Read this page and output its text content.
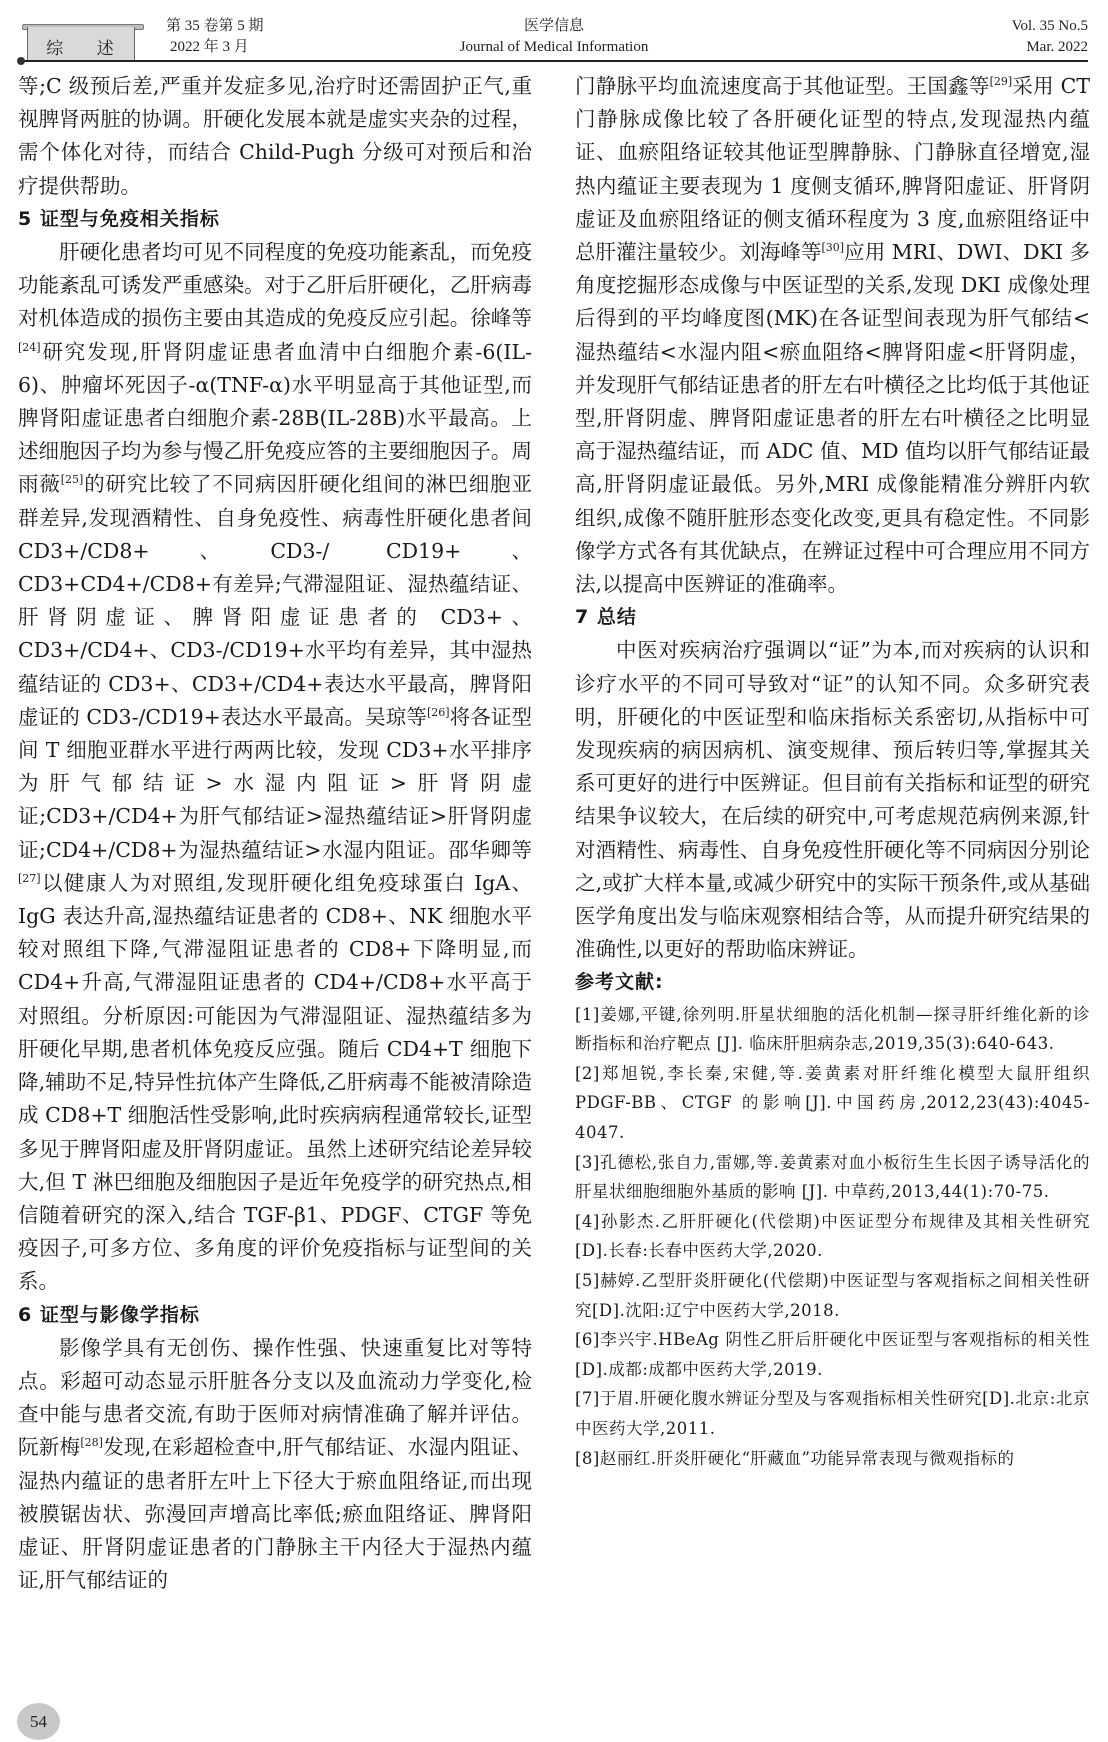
综 述
第 35 卷第 5 期
2022 年 3 月
医学信息
Journal of Medical Information
Vol. 35 No.5
Mar. 2022

等;C 级预后差,严重并发症多见,治疗时还需固护正气,重视脾肾两脏的协调。肝硬化发展本就是虚实夹杂的过程，需个体化对待，而结合 Child-Pugh 分级可对预后和治疗提供帮助。

5 证型与免疫相关指标

肝硬化患者均可见不同程度的免疫功能紊乱，而免疫功能紊乱可诱发严重感染。对于乙肝后肝硬化，乙肝病毒对机体造成的损伤主要由其造成的免疫反应引起。徐峰等[24]研究发现,肝肾阴虚证患者血清中白细胞介素-6(IL-6)、肿瘤坏死因子-α(TNF-α)水平明显高于其他证型,而脾肾阳虚证患者白细胞介素-28B(IL-28B)水平最高。上述细胞因子均为参与慢乙肝免疫应答的主要细胞因子。周雨薇[25]的研究比较了不同病因肝硬化组间的淋巴细胞亚群差异,发现酒精性、自身免疫性、病毒性肝硬化患者间 CD3+/CD8+、CD3-/ CD19+、CD3+CD4+/CD8+有差异;气滞湿阻证、湿热蕴结证、肝肾阴虚证、脾肾阳虚证患者的 CD3+、CD3+/CD4+、CD3-/CD19+水平均有差异，其中湿热蕴结证的 CD3+、CD3+/CD4+表达水平最高，脾肾阳虚证的 CD3-/CD19+表达水平最高。吴琼等[26]将各证型间 T 细胞亚群水平进行两两比较，发现 CD3+水平排序为肝气郁结证>水湿内阻证>肝肾阴虚证;CD3+/CD4+为肝气郁结证>湿热蕴结证>肝肾阴虚证;CD4+/CD8+为湿热蕴结证>水湿内阻证。邵华卿等[27]以健康人为对照组,发现肝硬化组免疫球蛋白 IgA、IgG 表达升高,湿热蕴结证患者的 CD8+、NK 细胞水平较对照组下降,气滞湿阻证患者的 CD8+下降明显,而 CD4+升高,气滞湿阻证患者的 CD4+/CD8+水平高于对照组。分析原因:可能因为气滞湿阻证、湿热蕴结多为肝硬化早期,患者机体免疫反应强。随后 CD4+T 细胞下降,辅助不足,特异性抗体产生降低,乙肝病毒不能被清除造成 CD8+T 细胞活性受影响,此时疾病病程通常较长,证型多见于脾肾阳虚及肝肾阴虚证。虽然上述研究结论差异较大,但 T 淋巴细胞及细胞因子是近年免疫学的研究热点,相信随着研究的深入,结合 TGF-β1、PDGF、CTGF 等免疫因子,可多方位、多角度的评价免疫指标与证型间的关系。

6 证型与影像学指标

影像学具有无创伤、操作性强、快速重复比对等特点。彩超可动态显示肝脏各分支以及血流动力学变化,检查中能与患者交流,有助于医师对病情准确了解并评估。阮新梅[28]发现,在彩超检查中,肝气郁结证、水湿内阻证、湿热内蕴证的患者肝左叶上下径大于瘀血阻络证,而出现被膜锯齿状、弥漫回声增高比率低;瘀血阻络证、脾肾阳虚证、肝肾阴虚证患者的门静脉主干内径大于湿热内蕴证,肝气郁结证的

门静脉平均血流速度高于其他证型。王国鑫等[29]采用 CT 门静脉成像比较了各肝硬化证型的特点,发现湿热内蕴证、血瘀阻络证较其他证型脾静脉、门静脉直径增宽,湿热内蕴证主要表现为 1 度侧支循环,脾肾阳虚证、肝肾阴虚证及血瘀阻络证的侧支循环程度为 3 度,血瘀阻络证中总肝灌注量较少。刘海峰等[30]应用 MRI、DWI、DKI 多角度挖掘形态成像与中医证型的关系,发现 DKI 成像处理后得到的平均峰度图(MK)在各证型间表现为肝气郁结<湿热蕴结<水湿内阻<瘀血阻络<脾肾阳虚<肝肾阴虚，并发现肝气郁结证患者的肝左右叶横径之比均低于其他证型,肝肾阴虚、脾肾阳虚证患者的肝左右叶横径之比明显高于湿热蕴结证，而 ADC 值、MD 值均以肝气郁结证最高,肝肾阴虚证最低。另外,MRI 成像能精准分辨肝内软组织,成像不随肝脏形态变化改变,更具有稳定性。不同影像学方式各有其优缺点，在辨证过程中可合理应用不同方法,以提高中医辨证的准确率。

7 总结

中医对疾病治疗强调以“证”为本,而对疾病的认识和诊疗水平的不同可导致对“证”的认知不同。众多研究表明，肝硬化的中医证型和临床指标关系密切,从指标中可发现疾病的病因病机、演变规律、预后转归等,掌握其关系可更好的进行中医辨证。但目前有关指标和证型的研究结果争议较大，在后续的研究中,可考虑规范病例来源,针对酒精性、病毒性、自身免疫性肝硬化等不同病因分别论之,或扩大样本量,或减少研究中的实际干预条件,或从基础医学角度出发与临床观察相结合等，从而提升研究结果的准确性,以更好的帮助临床辨证。

参考文献:

[1]姜娜,平键,徐列明.肝星状细胞的活化机制—探寻肝纤维化新的诊断指标和治疗靶点 [J]. 临床肝胆病杂志,2019,35(3):640-643.

[2]郑旭锐,李长秦,宋健,等.姜黄素对肝纤维化模型大鼠肝组织 PDGF-BB、CTGF 的影响[J].中国药房,2012,23(43):4045-4047.

[3]孔德松,张自力,雷娜,等.姜黄素对血小板衍生生长因子诱导活化的肝星状细胞细胞外基质的影响 [J]. 中草药,2013,44(1):70-75.

[4]孙影杰.乙肝肝硬化(代偿期)中医证型分布规律及其相关性研究[D].长春:长春中医药大学,2020.

[5]赫婷.乙型肝炎肝硬化(代偿期)中医证型与客观指标之间相关性研究[D].沈阳:辽宁中医药大学,2018.

[6]李兴宇.HBeAg 阴性乙肝后肝硬化中医证型与客观指标的相关性[D].成都:成都中医药大学,2019.

[7]于眉.肝硬化腹水辨证分型及与客观指标相关性研究[D].北京:北京中医药大学,2011.

[8]赵丽红.肝炎肝硬化“肝藏血”功能异常表现与微观指标的

54
